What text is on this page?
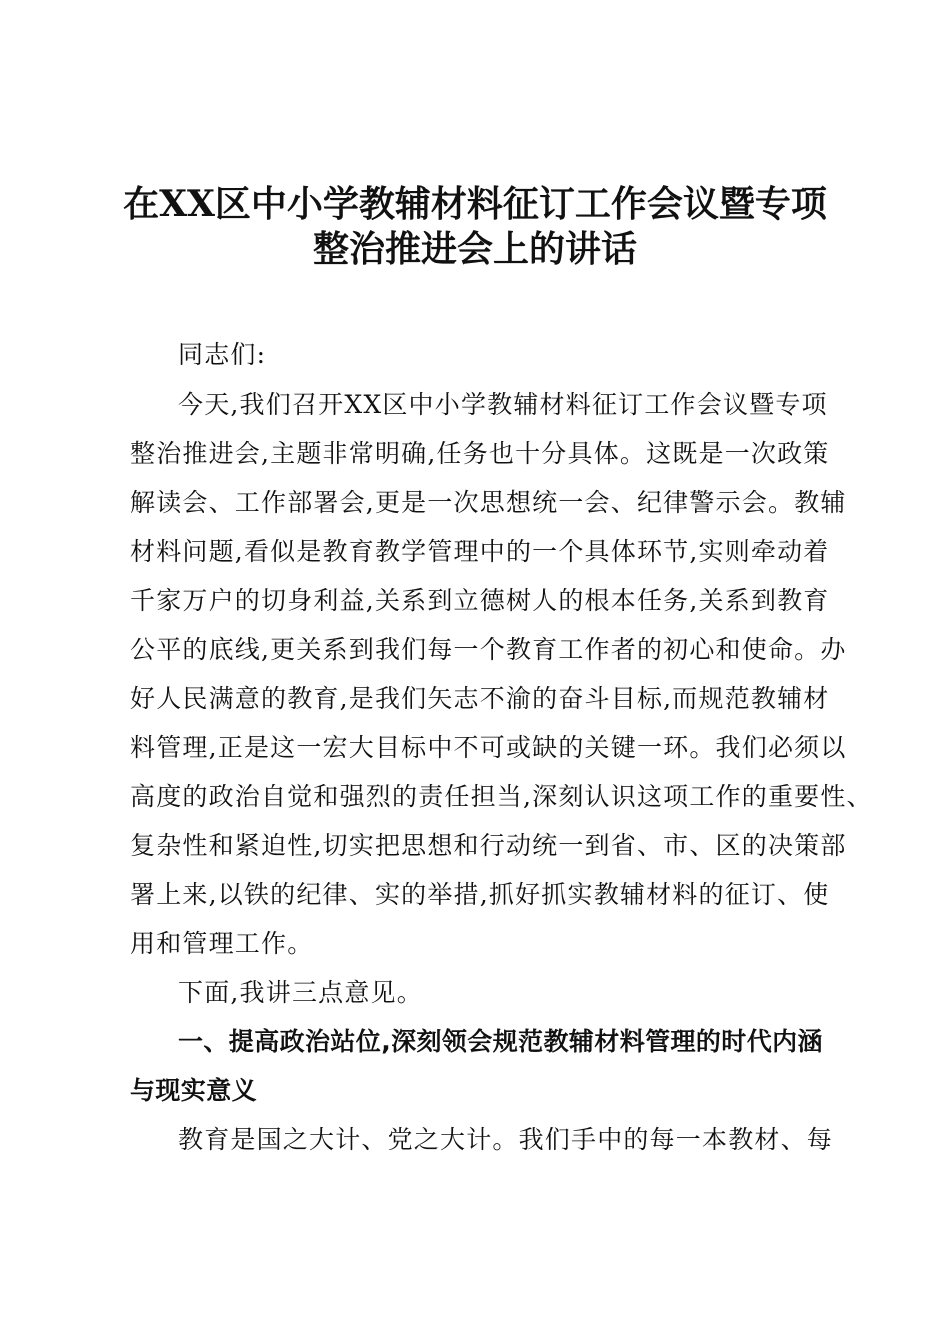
在XX区中小学教辅材料征订工作会议暨专项
整治推进会上的讲话
同志们:
今天,我们召开XX区中小学教辅材料征订工作会议暨专项
整治推进会,主题非常明确,任务也十分具体。这既是一次政策
解读会、工作部署会,更是一次思想统一会、纪律警示会。教辅
材料问题,看似是教育教学管理中的一个具体环节,实则牵动着
千家万户的切身利益,关系到立德树人的根本任务,关系到教育
公平的底线,更关系到我们每一个教育工作者的初心和使命。办
好人民满意的教育,是我们矢志不渝的奋斗目标,而规范教辅材
料管理,正是这一宏大目标中不可或缺的关键一环。我们必须以
高度的政治自觉和强烈的责任担当,深刻认识这项工作的重要性、
复杂性和紧迫性,切实把思想和行动统一到省、市、区的决策部
署上来,以铁的纪律、实的举措,抓好抓实教辅材料的征订、使
用和管理工作。
下面,我讲三点意见。
一、提高政治站位,深刻领会规范教辅材料管理的时代内涵
与现实意义
教育是国之大计、党之大计。我们手中的每一本教材、每
